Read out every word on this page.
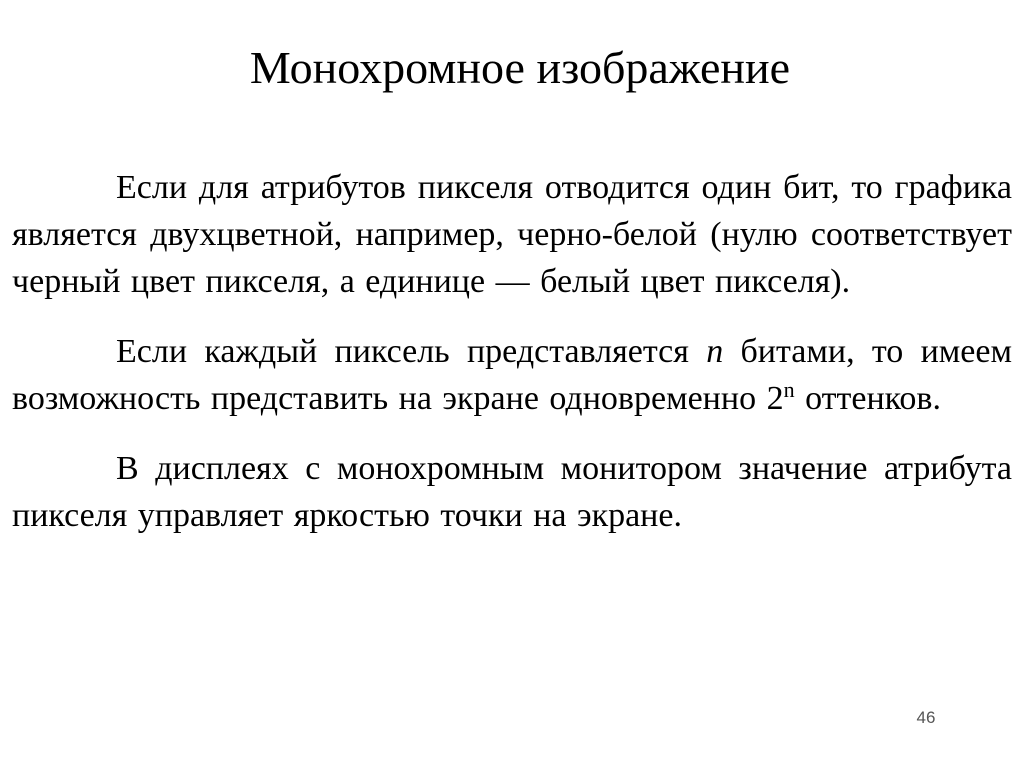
Монохромное изображение

Если для атрибутов пикселя отводится один бит, то графика является двухцветной, например, черно-белой (нулю соответствует черный цвет пикселя, а единице — белый цвет пикселя).

Если каждый пиксель представляется n битами, то имеем возможность представить на экране одновременно 2$^n$ оттенков.

В дисплеях с монохромным монитором значение атрибута пикселя управляет яркостью точки на экране.

46
